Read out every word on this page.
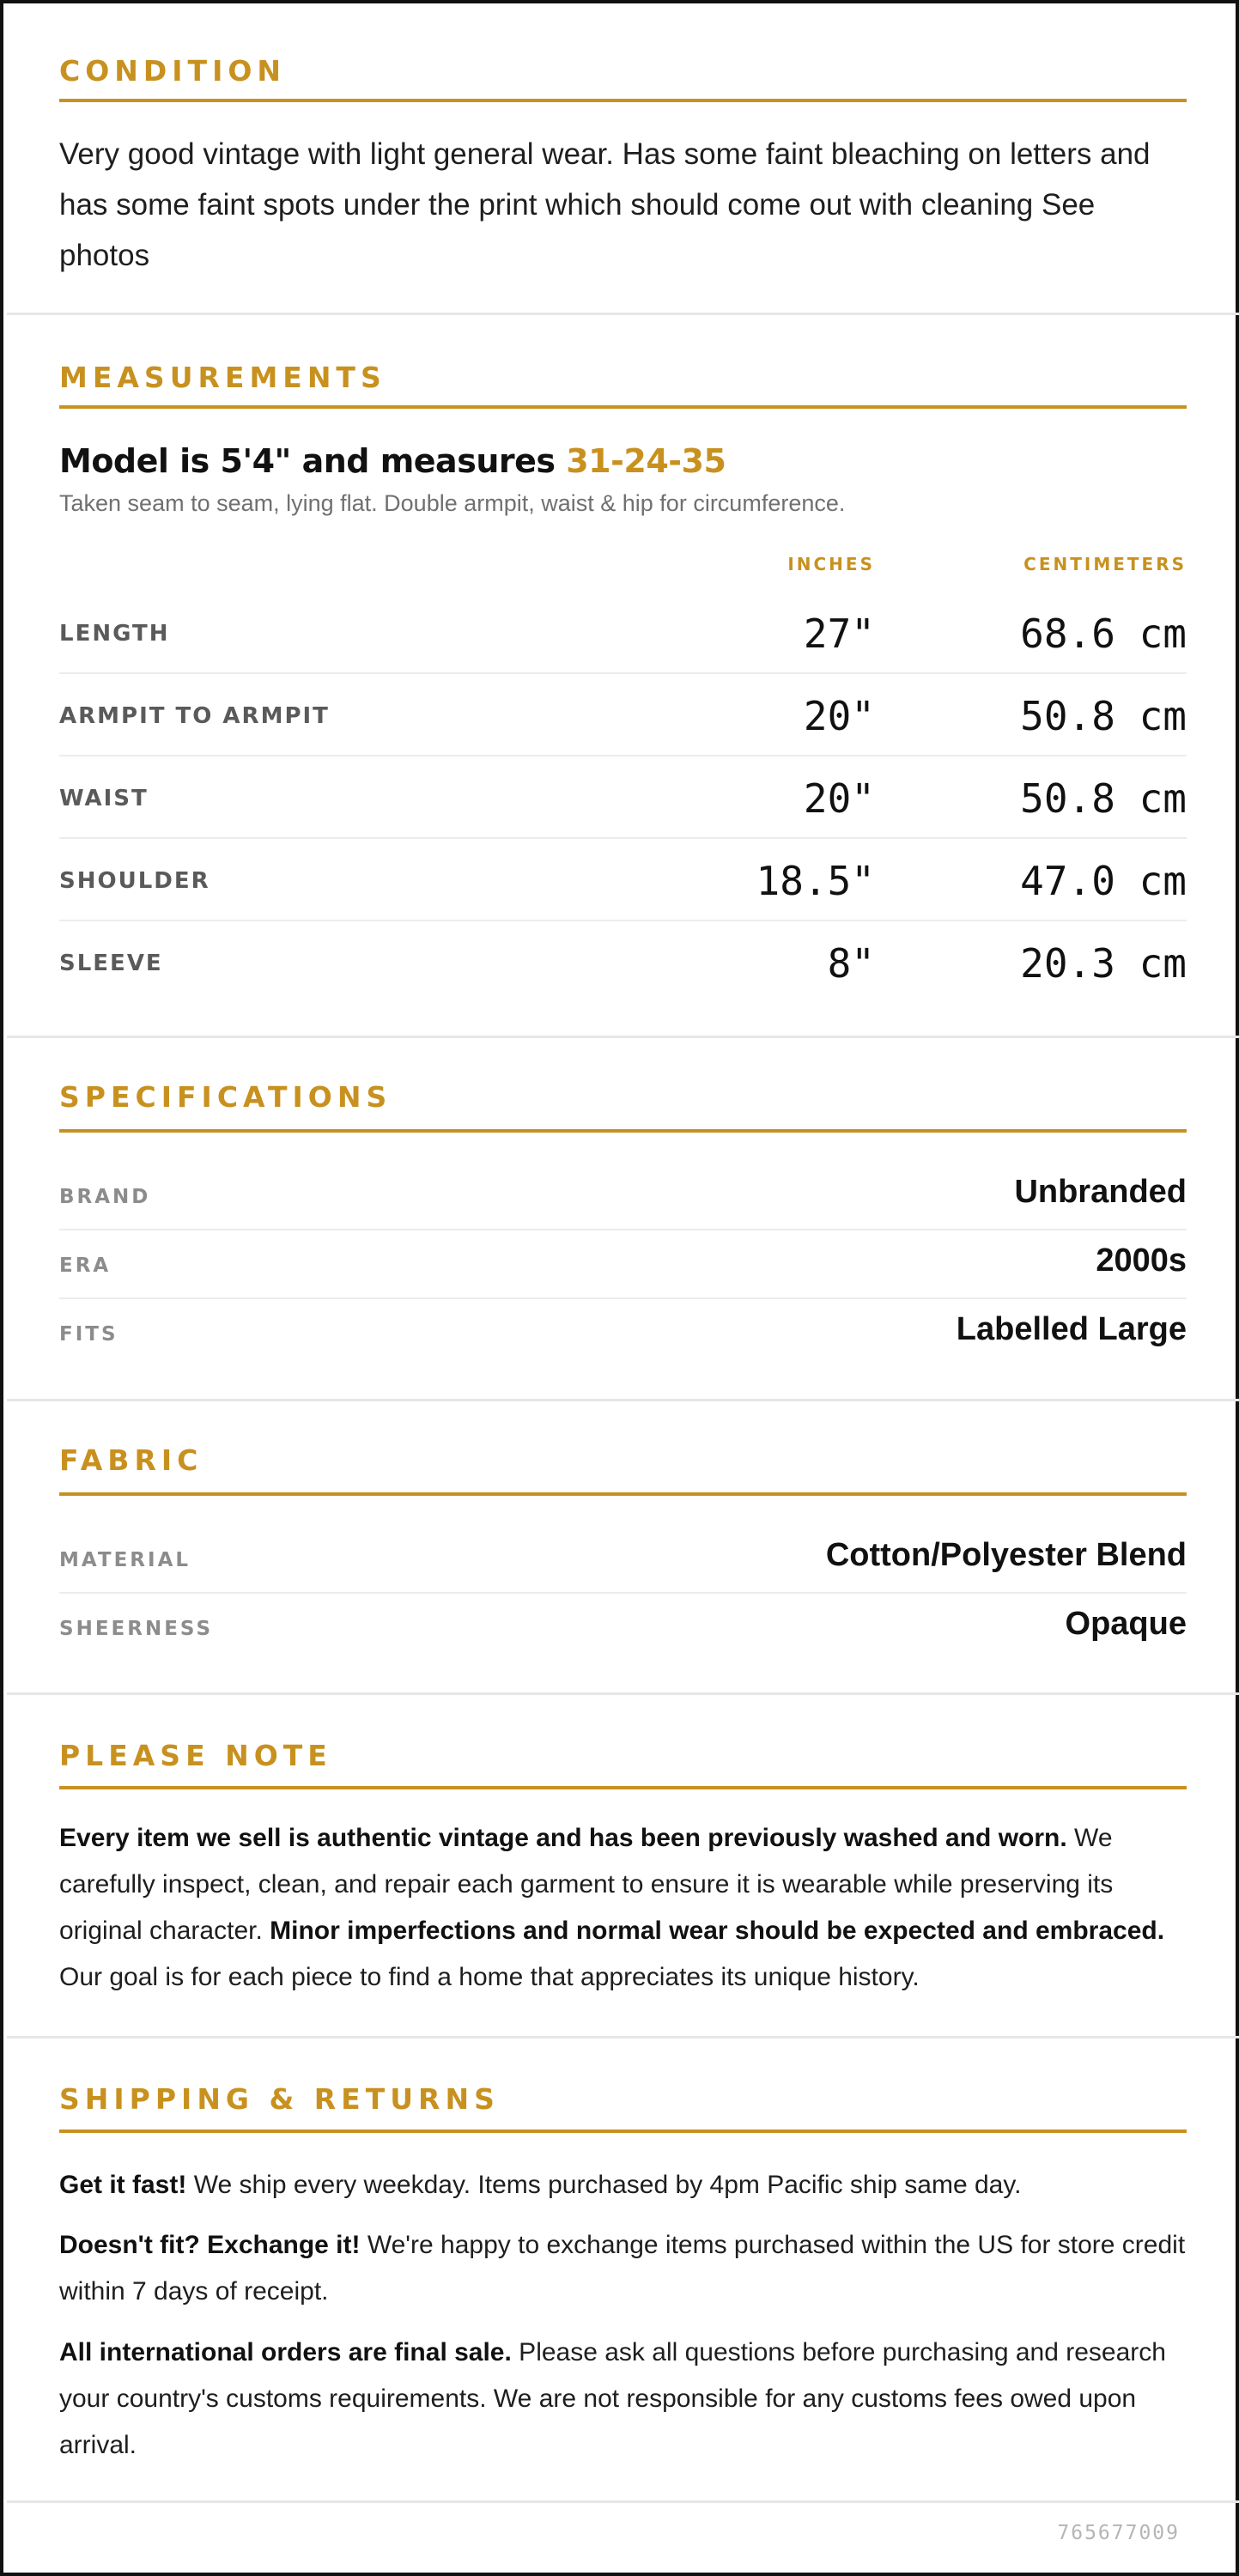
CONDITION
Very good vintage with light general wear. Has some faint bleaching on letters and has some faint spots under the print which should come out with cleaning See photos
MEASUREMENTS
Model is 5'4" and measures 31-24-35
Taken seam to seam, lying flat. Double armpit, waist & hip for circumference.
INCHES	CENTIMETERS
LENGTH	27"	68.6 cm
ARMPIT TO ARMPIT	20"	50.8 cm
WAIST	20"	50.8 cm
SHOULDER	18.5"	47.0 cm
SLEEVE	8"	20.3 cm
SPECIFICATIONS
BRAND	Unbranded
ERA	2000s
FITS	Labelled Large
FABRIC
MATERIAL	Cotton/Polyester Blend
SHEERNESS	Opaque
PLEASE NOTE
Every item we sell is authentic vintage and has been previously washed and worn. We carefully inspect, clean, and repair each garment to ensure it is wearable while preserving its original character. Minor imperfections and normal wear should be expected and embraced. Our goal is for each piece to find a home that appreciates its unique history.
SHIPPING & RETURNS
Get it fast! We ship every weekday. Items purchased by 4pm Pacific ship same day.
Doesn't fit? Exchange it! We're happy to exchange items purchased within the US for store credit within 7 days of receipt.
All international orders are final sale. Please ask all questions before purchasing and research your country's customs requirements. We are not responsible for any customs fees owed upon arrival.
765677009
